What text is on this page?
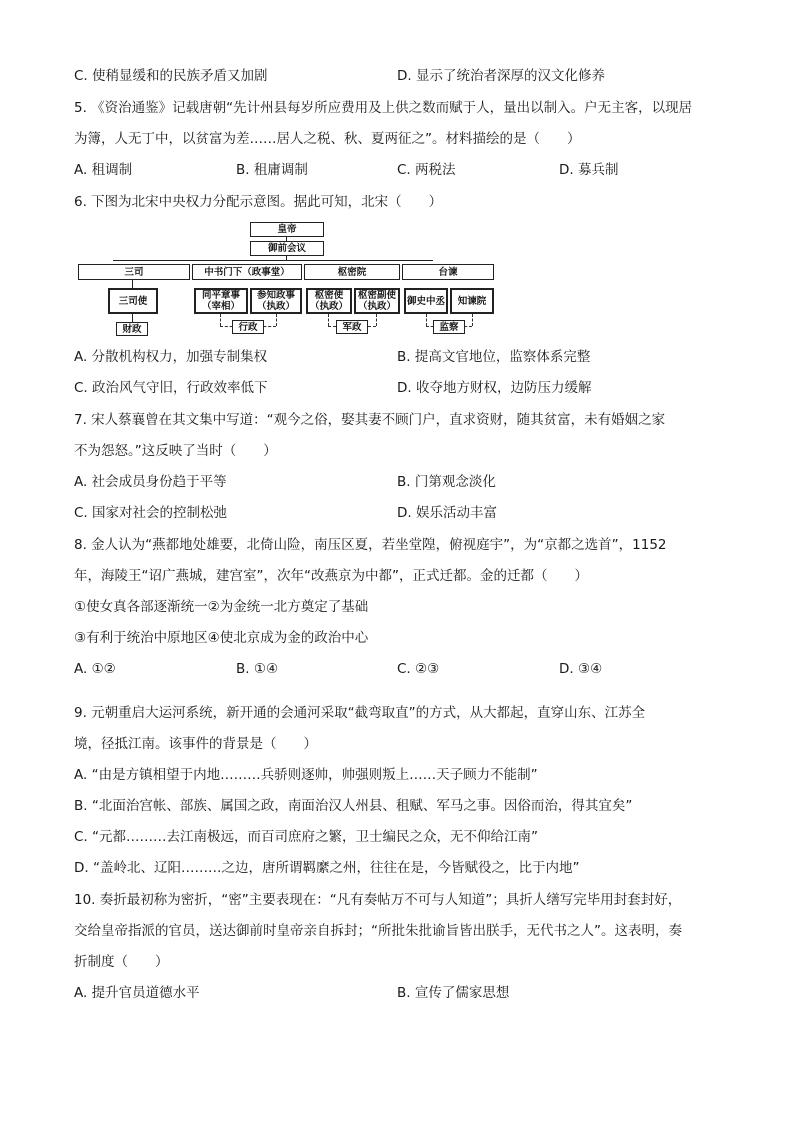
C. 使稍显缓和的民族矛盾又加剧	D. 显示了统治者深厚的汉文化修养
5. 《资治通鉴》记载唐朝“先计州县每岁所应费用及上供之数而赋于人，量出以制入。户无主客，以现居
为簿，人无丁中，以贫富为差……居人之税、秋、夏两征之”。材料描绘的是（　　）
A. 租调制	B. 租庸调制	C. 两税法	D. 募兵制
6. 下图为北宋中央权力分配示意图。据此可知，北宋（　　）
皇帝
御前会议
三司	中书门下（政事堂）	枢密院	台谏
三司使	同平章事（宰相）
参知政事（执政）
枢密使（执政）
枢密副使（执政）	御史中丞	知谏院
财政	行政	军政	监察
A. 分散机构权力，加强专制集权	B. 提高文官地位，监察体系完整
C. 政治风气守旧，行政效率低下	D. 收夺地方财权，边防压力缓解
7. 宋人蔡襄曾在其文集中写道：“观今之俗，娶其妻不顾门户，直求资财，随其贫富，未有婚姻之家
不为怨怒。”这反映了当时（　　）
A. 社会成员身份趋于平等	B. 门第观念淡化
C. 国家对社会的控制松弛	D. 娱乐活动丰富
8. 金人认为“燕都地处雄要，北倚山险，南压区夏，若坐堂隍，俯视庭宇”，为“京都之选首”，1152
年，海陵王“诏广燕城，建宫室”，次年“改燕京为中都”，正式迁都。金的迁都（　　）
①使女真各部逐渐统一②为金统一北方奠定了基础
③有利于统治中原地区④使北京成为金的政治中心
A. ①②	B. ①④	C. ②③	D. ③④
9. 元朝重启大运河系统，新开通的会通河采取“截弯取直”的方式，从大都起，直穿山东、江苏全
境，径抵江南。该事件的背景是（　　）
A. “由是方镇相望于内地………兵骄则逐帅，帅强则叛上……天子顾力不能制”
B. “北面治宫帐、部族、属国之政，南面治汉人州县、租赋、军马之事。因俗而治，得其宜矣”
C. “元都………去江南极远，而百司庶府之繁，卫士编民之众，无不仰给江南”
D. “盖岭北、辽阳………之边，唐所谓羁縻之州，往往在是，今皆赋役之，比于内地”
10. 奏折最初称为密折，“密”主要表现在：“凡有奏帖万不可与人知道”；具折人缮写完毕用封套封好，
交给皇帝指派的官员，送达御前时皇帝亲自拆封；“所批朱批谕旨皆出朕手，无代书之人”。这表明，奏
折制度（　　）
A. 提升官员道德水平	B. 宣传了儒家思想
